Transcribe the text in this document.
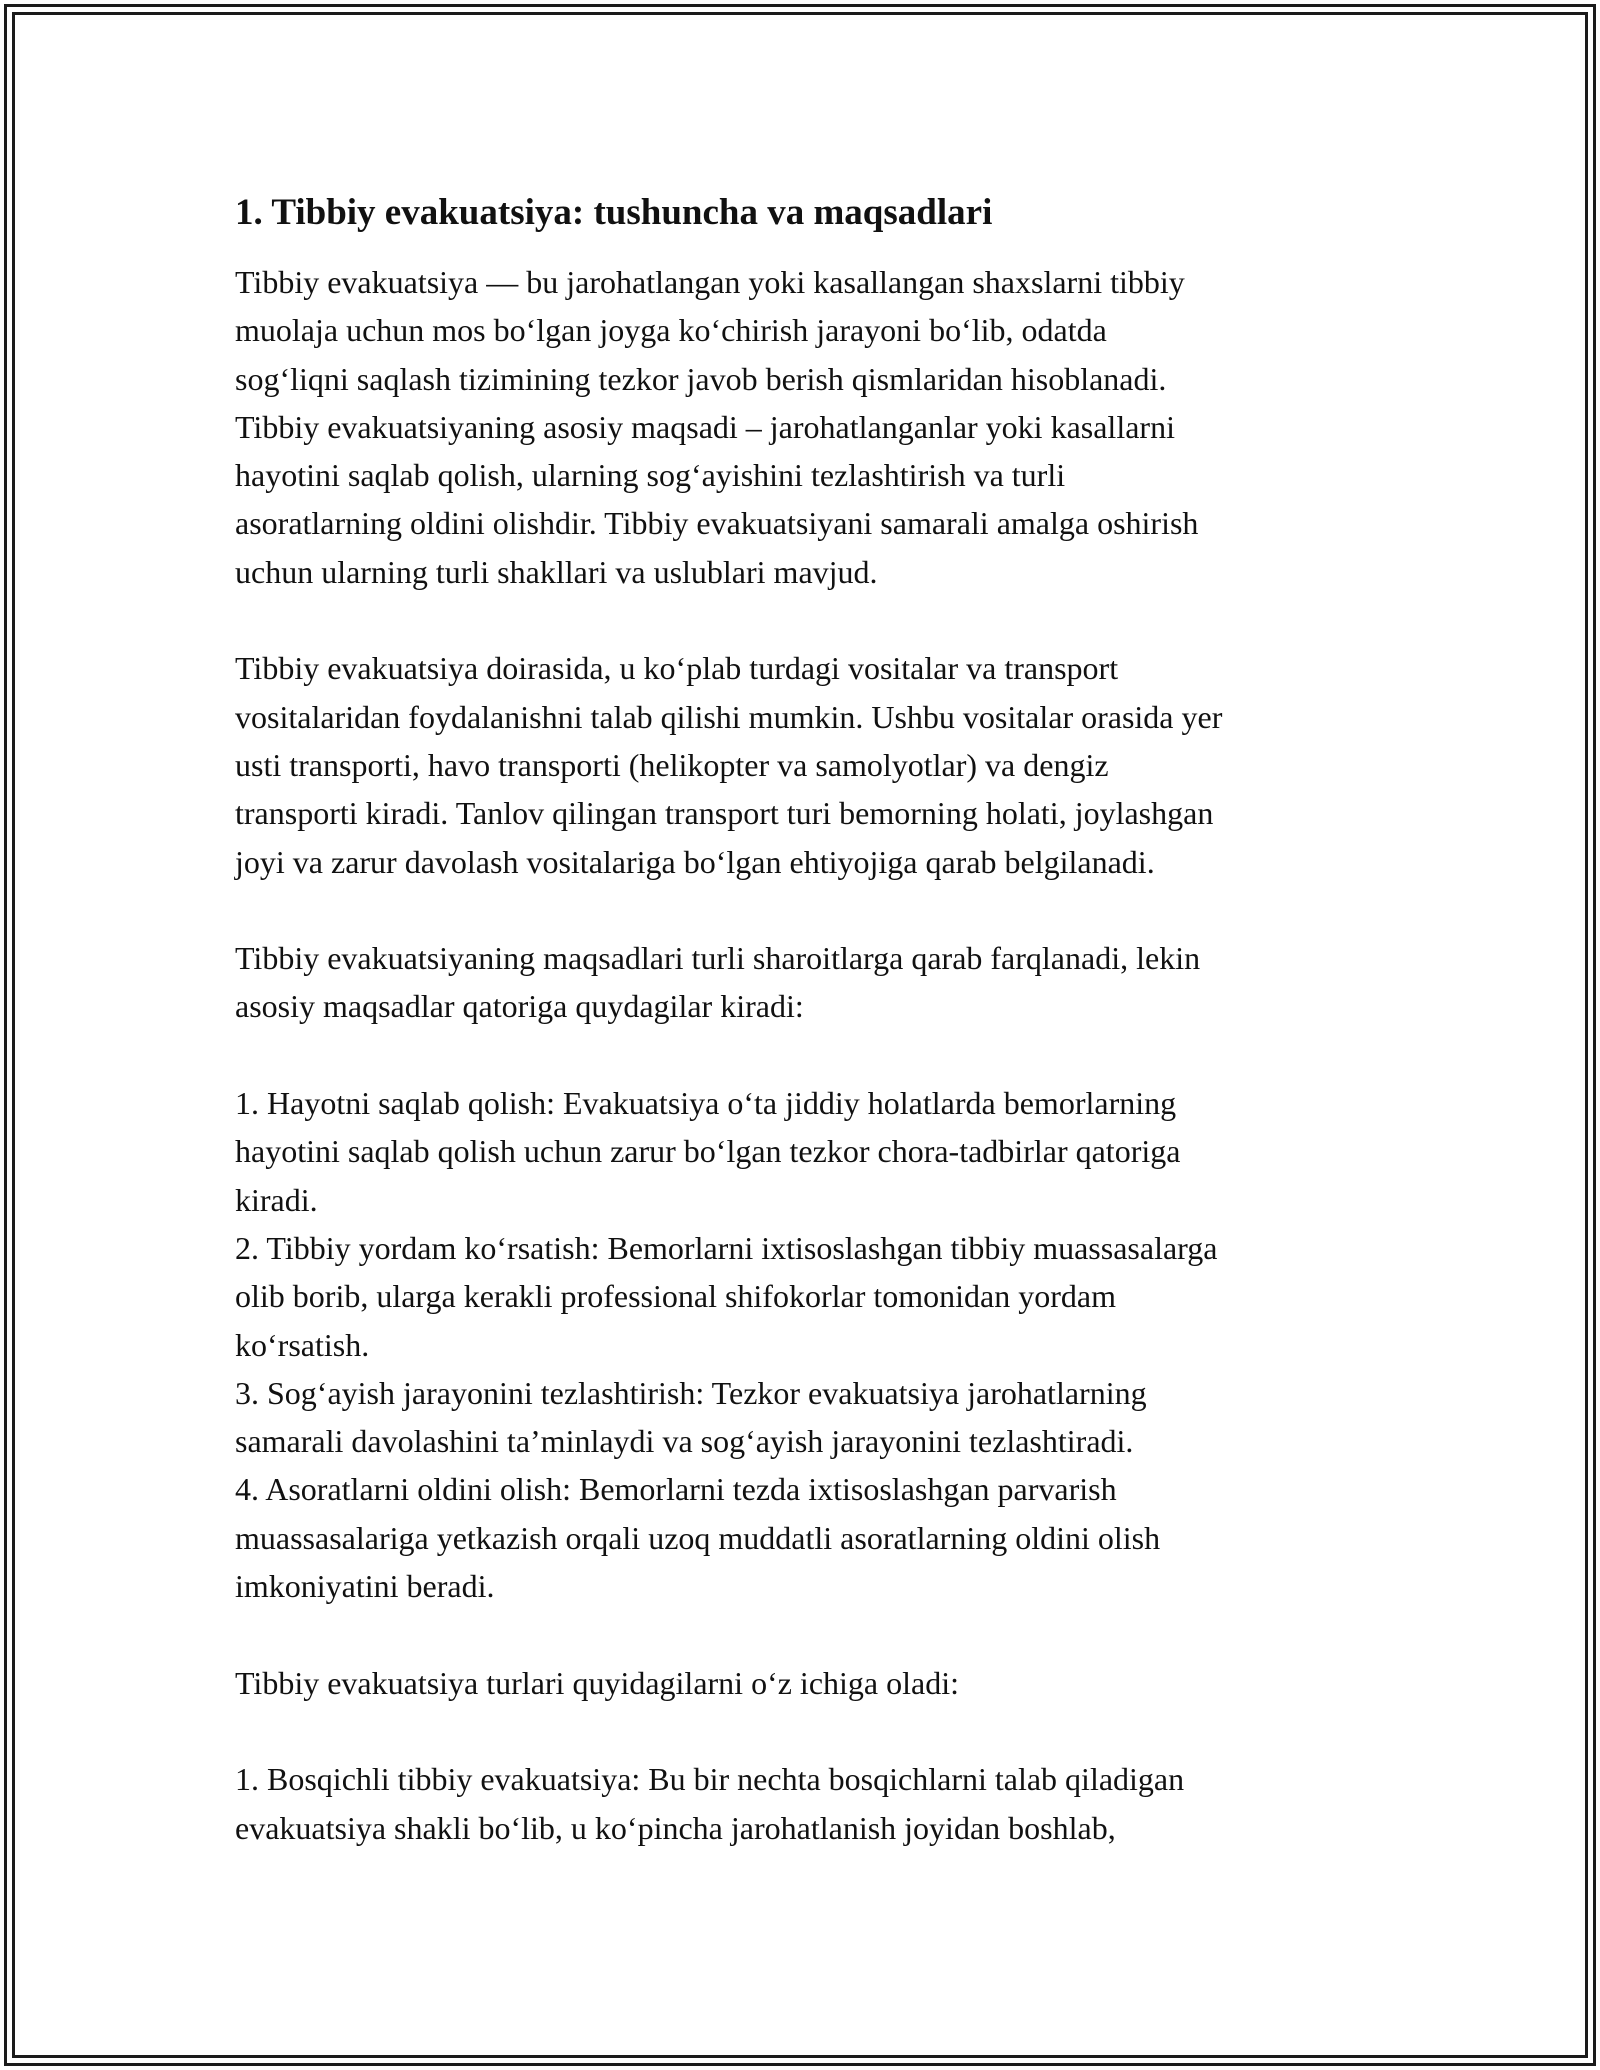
1. Tibbiy evakuatsiya: tushuncha va maqsadlari
Tibbiy evakuatsiya — bu jarohatlangan yoki kasallangan shaxslarni tibbiy
muolaja uchun mos bo‘lgan joyga ko‘chirish jarayoni bo‘lib, odatda
sog‘liqni saqlash tizimining tezkor javob berish qismlaridan hisoblanadi.
Tibbiy evakuatsiyaning asosiy maqsadi – jarohatlanganlar yoki kasallarni
hayotini saqlab qolish, ularning sog‘ayishini tezlashtirish va turli
asoratlarning oldini olishdir. Tibbiy evakuatsiyani samarali amalga oshirish
uchun ularning turli shakllari va uslublari mavjud.
Tibbiy evakuatsiya doirasida, u ko‘plab turdagi vositalar va transport
vositalaridan foydalanishni talab qilishi mumkin. Ushbu vositalar orasida yer
usti transporti, havo transporti (helikopter va samolyotlar) va dengiz
transporti kiradi. Tanlov qilingan transport turi bemorning holati, joylashgan
joyi va zarur davolash vositalariga bo‘lgan ehtiyojiga qarab belgilanadi.
Tibbiy evakuatsiyaning maqsadlari turli sharoitlarga qarab farqlanadi, lekin
asosiy maqsadlar qatoriga quydagilar kiradi:
1. Hayotni saqlab qolish: Evakuatsiya o‘ta jiddiy holatlarda bemorlarning
hayotini saqlab qolish uchun zarur bo‘lgan tezkor chora-tadbirlar qatoriga
kiradi.
2. Tibbiy yordam ko‘rsatish: Bemorlarni ixtisoslashgan tibbiy muassasalarga
olib borib, ularga kerakli professional shifokorlar tomonidan yordam
ko‘rsatish.
3. Sog‘ayish jarayonini tezlashtirish: Tezkor evakuatsiya jarohatlarning
samarali davolashini ta’minlaydi va sog‘ayish jarayonini tezlashtiradi.
4. Asoratlarni oldini olish: Bemorlarni tezda ixtisoslashgan parvarish
muassasalariga yetkazish orqali uzoq muddatli asoratlarning oldini olish
imkoniyatini beradi.
Tibbiy evakuatsiya turlari quyidagilarni o‘z ichiga oladi:
1. Bosqichli tibbiy evakuatsiya: Bu bir nechta bosqichlarni talab qiladigan
evakuatsiya shakli bo‘lib, u ko‘pincha jarohatlanish joyidan boshlab,
